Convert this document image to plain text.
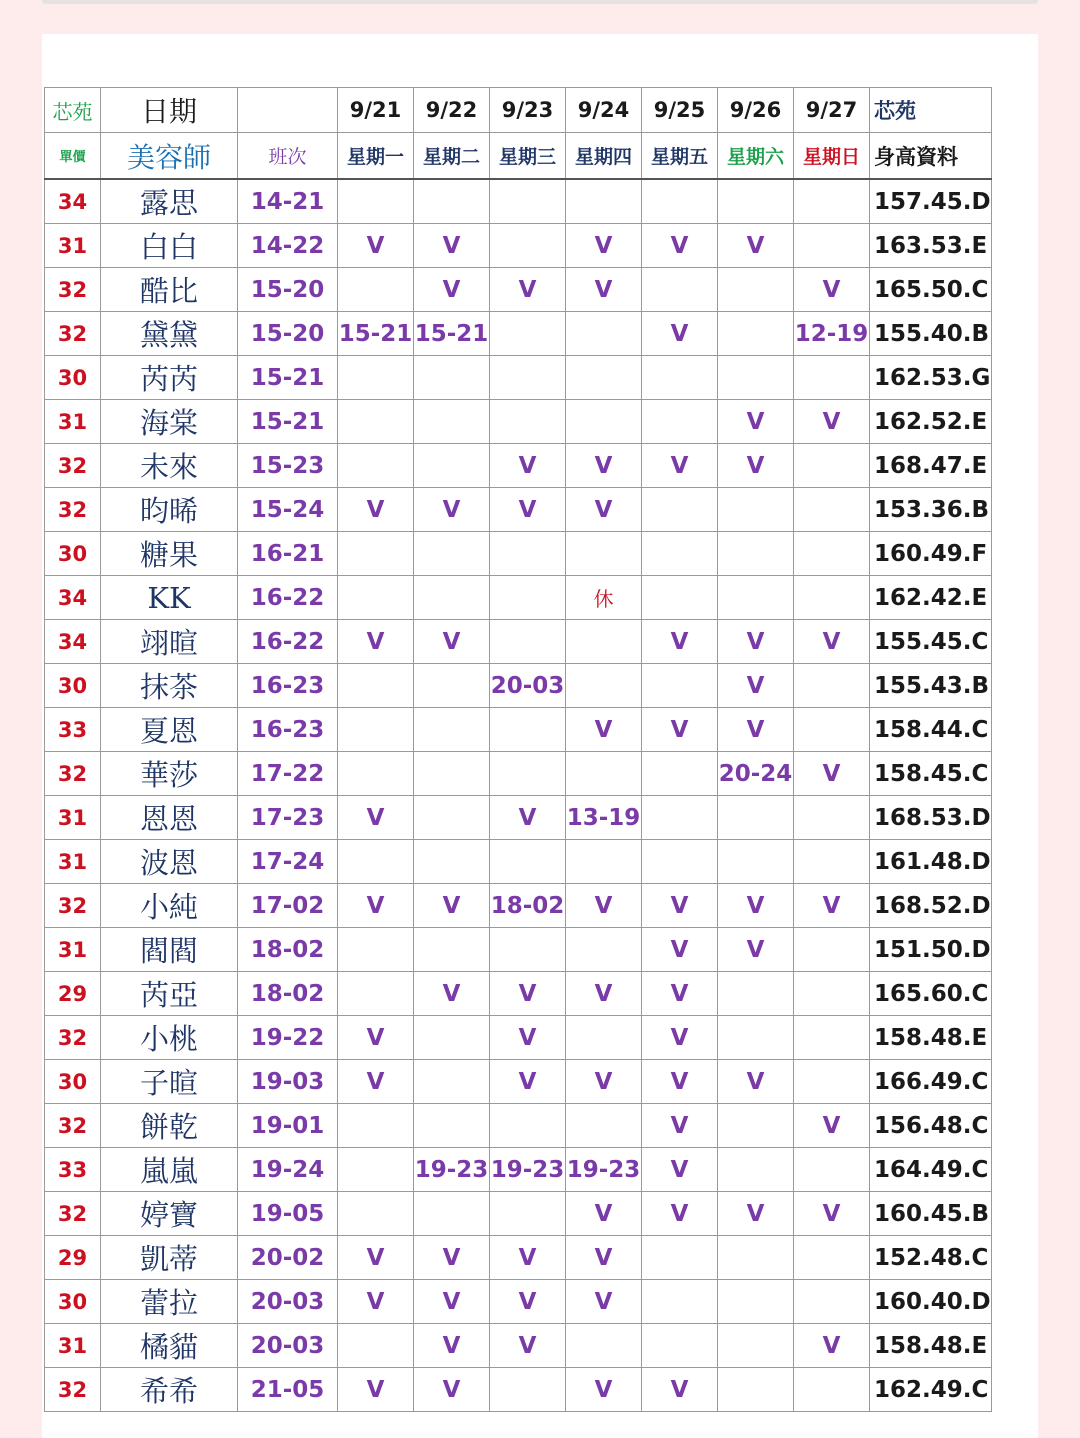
芯苑	日期		9/21	9/22	9/23	9/24	9/25	9/26	9/27	芯苑
單價	美容師	班次	星期一	星期二	星期三	星期四	星期五	星期六	星期日	身高資料
34	露思	14-21								157.45.D
31	白白	14-22	V	V		V	V	V		163.53.E
32	酷比	15-20		V	V	V			V	165.50.C
32	黛黛	15-20	15-21	15-21			V		12-19	155.40.B
30	芮芮	15-21								162.53.G
31	海棠	15-21						V	V	162.52.E
32	未來	15-23			V	V	V	V		168.47.E
32	昀晞	15-24	V	V	V	V				153.36.B
30	糖果	16-21								160.49.F
34	KK	16-22				休				162.42.E
34	翊暄	16-22	V	V			V	V	V	155.45.C
30	抹茶	16-23			20-03			V		155.43.B
33	夏恩	16-23				V	V	V		158.44.C
32	華莎	17-22						20-24	V	158.45.C
31	恩恩	17-23	V		V	13-19				168.53.D
31	波恩	17-24								161.48.D
32	小純	17-02	V	V	18-02	V	V	V	V	168.52.D
31	閻閻	18-02					V	V		151.50.D
29	芮亞	18-02		V	V	V	V			165.60.C
32	小桃	19-22	V		V		V			158.48.E
30	子暄	19-03	V		V	V	V	V		166.49.C
32	餅乾	19-01					V		V	156.48.C
33	嵐嵐	19-24		19-23	19-23	19-23	V			164.49.C
32	婷寶	19-05				V	V	V	V	160.45.B
29	凱蒂	20-02	V	V	V	V				152.48.C
30	蕾拉	20-03	V	V	V	V				160.40.D
31	橘貓	20-03		V	V				V	158.48.E
32	希希	21-05	V	V		V	V			162.49.C
